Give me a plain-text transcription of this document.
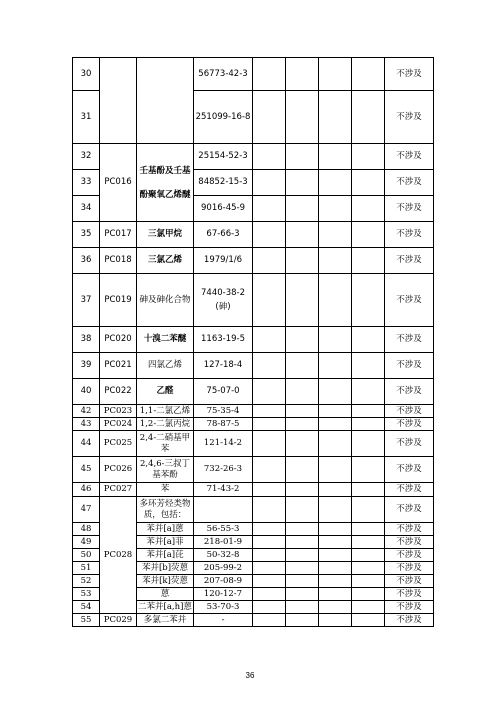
30			56773-42-3					不涉及
31			251099-16-8					不涉及
32	PC016	壬基酚及壬基酚聚氧乙烯醚	25154-52-3					不涉及
33			84852-15-3					不涉及
34			9016-45-9					不涉及
35	PC017	三氯甲烷	67-66-3					不涉及
36	PC018	三氯乙烯	1979/1/6					不涉及
37	PC019	砷及砷化合物	7440-38-2(砷)					不涉及
38	PC020	十溴二苯醚	1163-19-5					不涉及
39	PC021	四氯乙烯	127-18-4					不涉及
40	PC022	乙醛	75-07-0					不涉及
42	PC023	1,1-二氯乙烯	75-35-4					不涉及
43	PC024	1,2-二氯丙烷	78-87-5					不涉及
44	PC025	2,4-二硝基甲苯	121-14-2					不涉及
45	PC026	2,4,6-三叔丁基苯酚	732-26-3					不涉及
46	PC027	苯	71-43-2					不涉及
47	PC028	多环芳烃类物质，包括：						不涉及
48		苯并[a]蒽	56-55-3					不涉及
49		苯并[a]菲	218-01-9					不涉及
50		苯并[a]芘	50-32-8					不涉及
51		苯并[b]荧蒽	205-99-2					不涉及
52		苯并[k]荧蒽	207-08-9					不涉及
53		蒽	120-12-7					不涉及
54		二苯并[a,h]蒽	53-70-3					不涉及
55	PC029	多氯二苯并	-					不涉及
36
